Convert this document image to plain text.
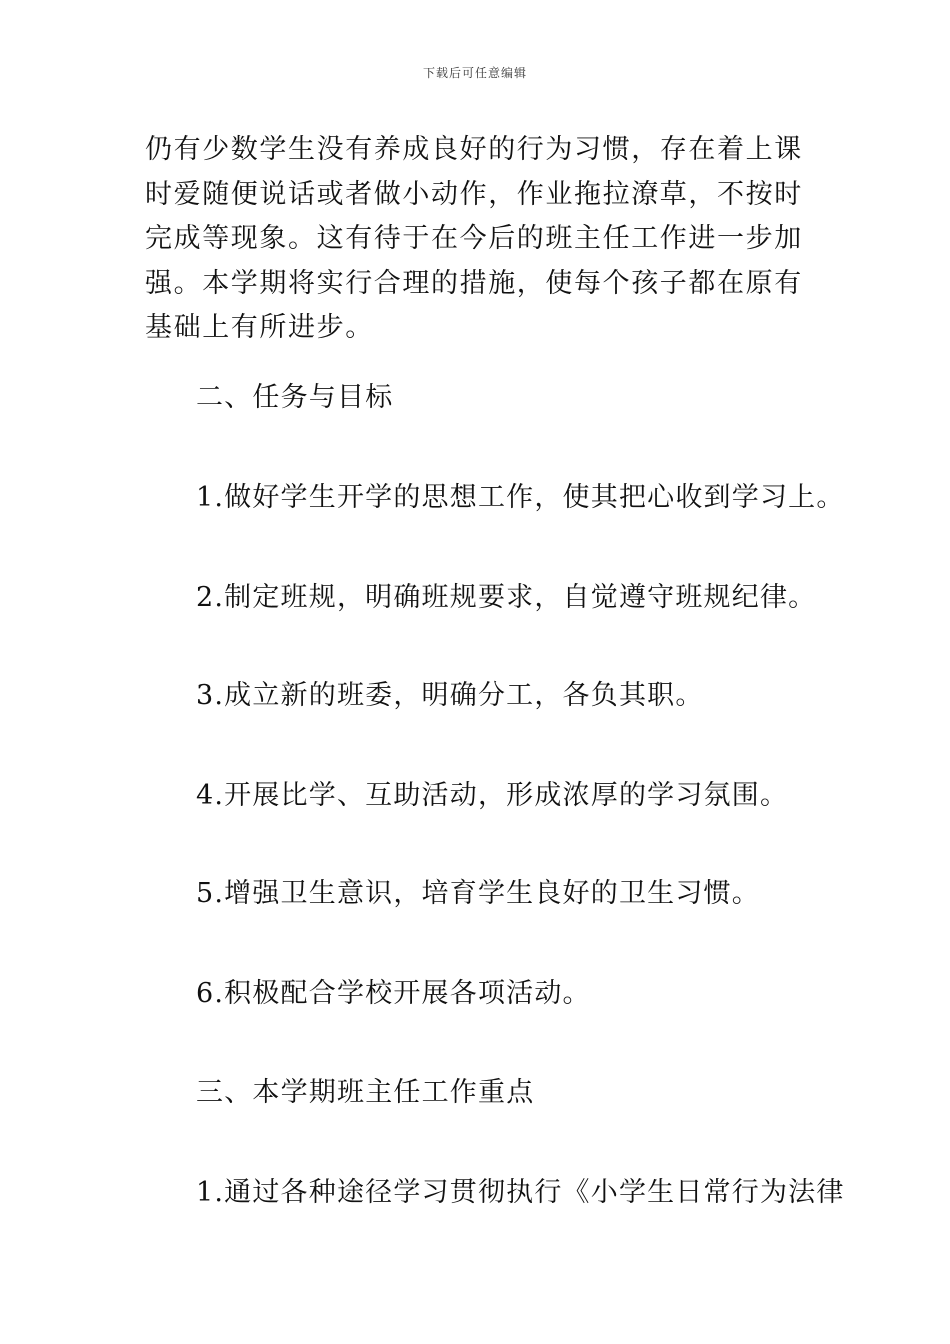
下载后可任意编辑

仍有少数学生没有养成良好的行为习惯，存在着上课时爱随便说话或者做小动作，作业拖拉潦草，不按时完成等现象。这有待于在今后的班主任工作进一步加强。本学期将实行合理的措施，使每个孩子都在原有基础上有所进步。

二、任务与目标
1.做好学生开学的思想工作，使其把心收到学习上。
2.制定班规，明确班规要求，自觉遵守班规纪律。
3.成立新的班委，明确分工，各负其职。
4.开展比学、互助活动，形成浓厚的学习氛围。
5.增强卫生意识，培育学生良好的卫生习惯。
6.积极配合学校开展各项活动。
三、本学期班主任工作重点
1.通过各种途径学习贯彻执行《小学生日常行为法律
